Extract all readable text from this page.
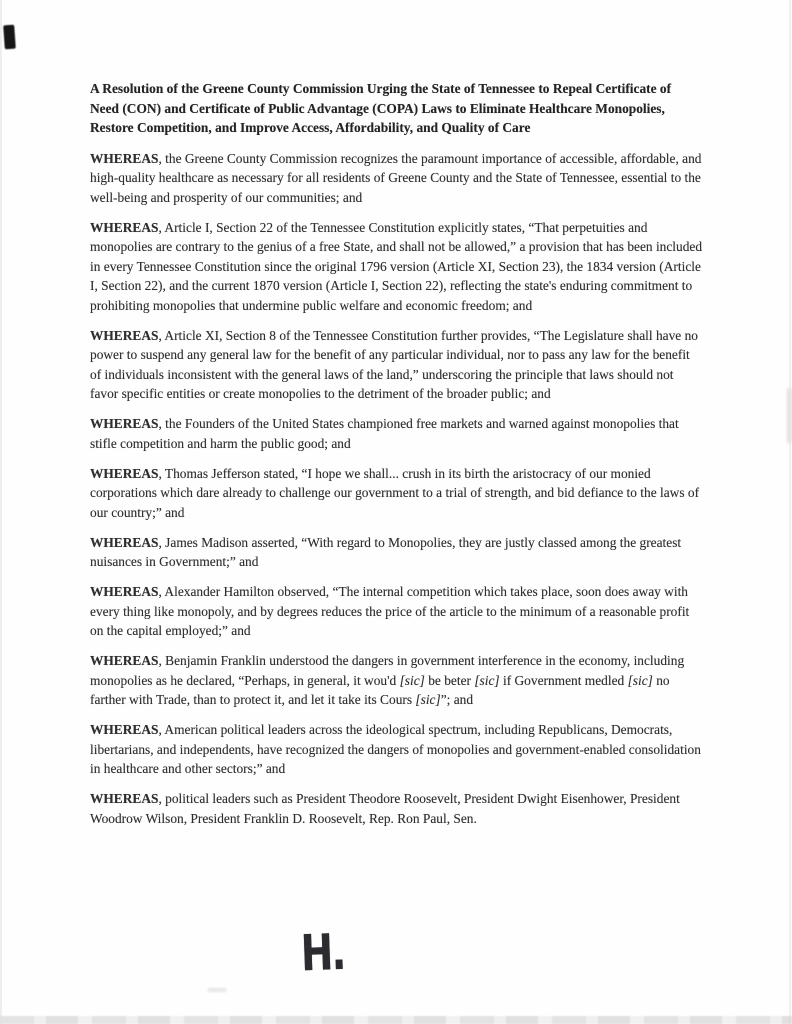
A Resolution of the Greene County Commission Urging the State of Tennessee to Repeal Certificate of Need (CON) and Certificate of Public Advantage (COPA) Laws to Eliminate Healthcare Monopolies, Restore Competition, and Improve Access, Affordability, and Quality of Care

WHEREAS, the Greene County Commission recognizes the paramount importance of accessible, affordable, and high-quality healthcare as necessary for all residents of Greene County and the State of Tennessee, essential to the well-being and prosperity of our communities; and

WHEREAS, Article I, Section 22 of the Tennessee Constitution explicitly states, “That perpetuities and monopolies are contrary to the genius of a free State, and shall not be allowed,” a provision that has been included in every Tennessee Constitution since the original 1796 version (Article XI, Section 23), the 1834 version (Article I, Section 22), and the current 1870 version (Article I, Section 22), reflecting the state's enduring commitment to prohibiting monopolies that undermine public welfare and economic freedom; and

WHEREAS, Article XI, Section 8 of the Tennessee Constitution further provides, “The Legislature shall have no power to suspend any general law for the benefit of any particular individual, nor to pass any law for the benefit of individuals inconsistent with the general laws of the land,” underscoring the principle that laws should not favor specific entities or create monopolies to the detriment of the broader public; and

WHEREAS, the Founders of the United States championed free markets and warned against monopolies that stifle competition and harm the public good; and

WHEREAS, Thomas Jefferson stated, “I hope we shall... crush in its birth the aristocracy of our monied corporations which dare already to challenge our government to a trial of strength, and bid defiance to the laws of our country;” and

WHEREAS, James Madison asserted, “With regard to Monopolies, they are justly classed among the greatest nuisances in Government;” and

WHEREAS, Alexander Hamilton observed, “The internal competition which takes place, soon does away with every thing like monopoly, and by degrees reduces the price of the article to the minimum of a reasonable profit on the capital employed;” and

WHEREAS, Benjamin Franklin understood the dangers in government interference in the economy, including monopolies as he declared, “Perhaps, in general, it wou'd [sic] be beter [sic] if Government medled [sic] no farther with Trade, than to protect it, and let it take its Cours [sic]”; and

WHEREAS, American political leaders across the ideological spectrum, including Republicans, Democrats, libertarians, and independents, have recognized the dangers of monopolies and government-enabled consolidation in healthcare and other sectors;” and

WHEREAS, political leaders such as President Theodore Roosevelt, President Dwight Eisenhower, President Woodrow Wilson, President Franklin D. Roosevelt, Rep. Ron Paul, Sen.

H.
